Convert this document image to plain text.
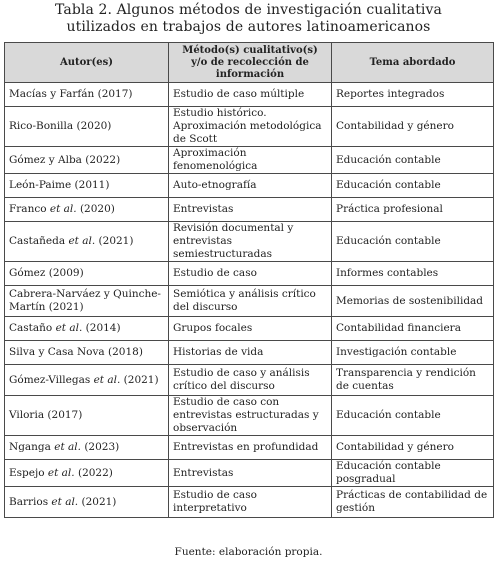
Tabla 2. Algunos métodos de investigación cualitativa
utilizados en trabajos de autores latinoamericanos
Autor(es)	Método(s) cualitativo(s) y/o de recolección de información	Tema abordado
Macías y Farfán (2017)	Estudio de caso múltiple	Reportes integrados
Rico-Bonilla (2020)	Estudio histórico. Aproximación metodológica de Scott	Contabilidad y género
Gómez y Alba (2022)	Aproximación fenomenológica	Educación contable
León-Paime (2011)	Auto-etnografía	Educación contable
Franco et al. (2020)	Entrevistas	Práctica profesional
Castañeda et al. (2021)	Revisión documental y entrevistas semiestructuradas	Educación contable
Gómez (2009)	Estudio de caso	Informes contables
Cabrera-Narváez y Quinche-Martín (2021)	Semiótica y análisis crítico del discurso	Memorias de sostenibilidad
Castaño et al. (2014)	Grupos focales	Contabilidad financiera
Silva y Casa Nova (2018)	Historias de vida	Investigación contable
Gómez-Villegas et al. (2021)	Estudio de caso y análisis crítico del discurso	Transparencia y rendición de cuentas
Viloria (2017)	Estudio de caso con entrevistas estructuradas y observación	Educación contable
Nganga et al. (2023)	Entrevistas en profundidad	Contabilidad y género
Espejo et al. (2022)	Entrevistas	Educación contable posgradual
Barrios et al. (2021)	Estudio de caso interpretativo	Prácticas de contabilidad de gestión
Fuente: elaboración propia.
